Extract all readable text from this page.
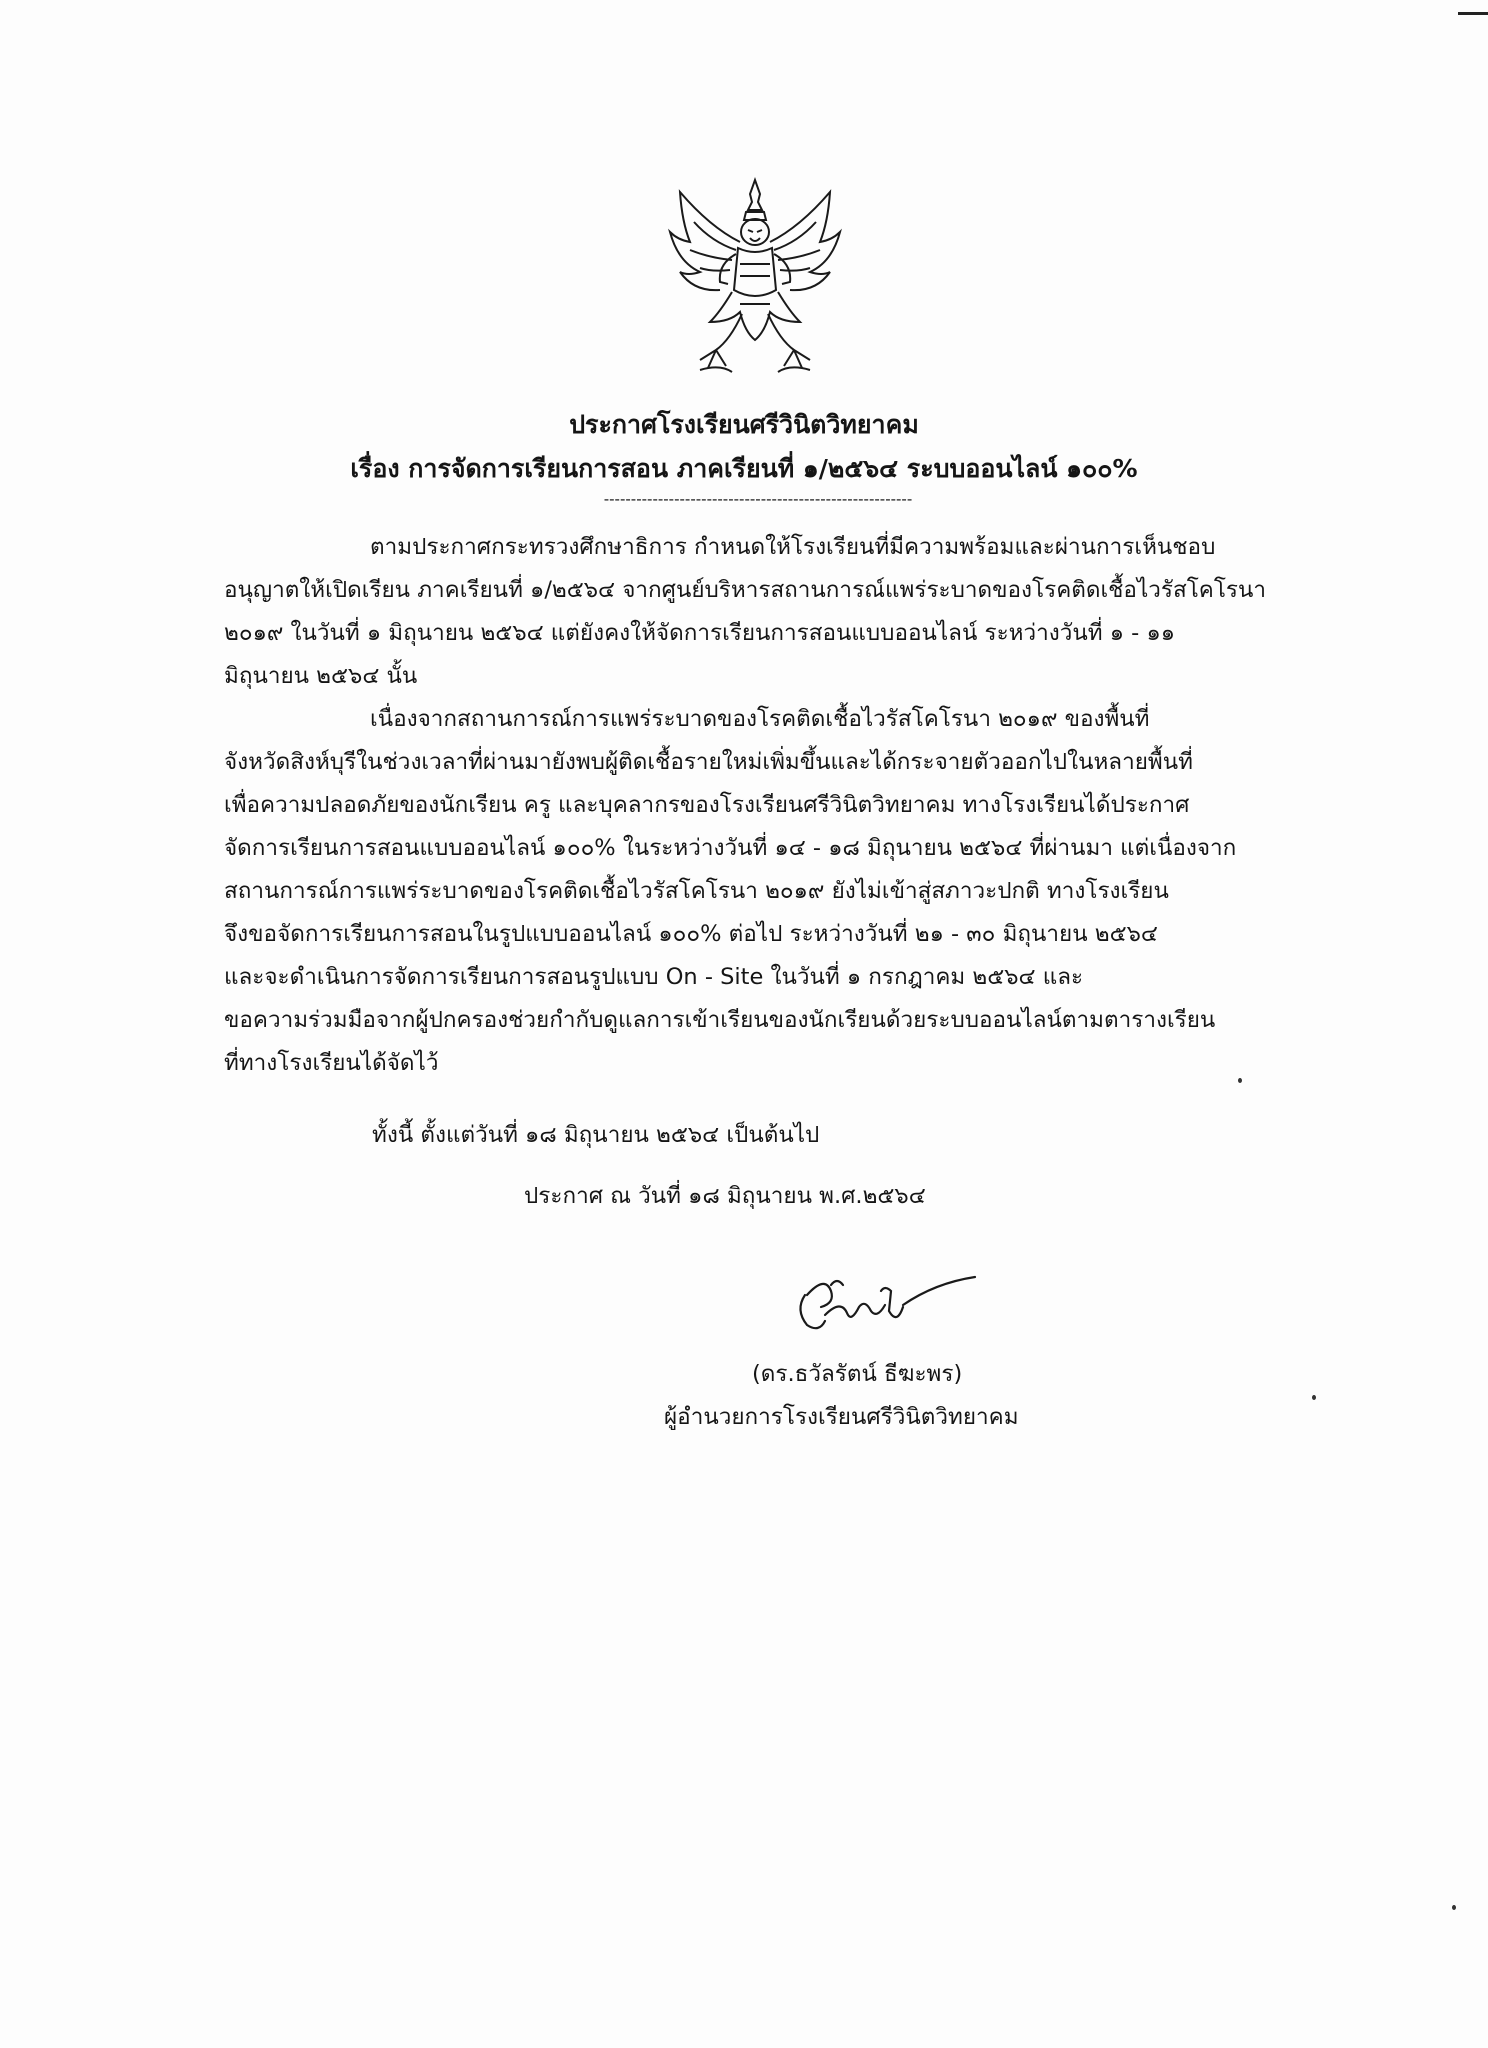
ประกาศโรงเรียนศรีวินิตวิทยาคม
เรื่อง การจัดการเรียนการสอน ภาคเรียนที่ ๑/๒๕๖๔ ระบบออนไลน์ ๑๐๐%
---------------------------------------------------------
ตามประกาศกระทรวงศึกษาธิการ กำหนดให้โรงเรียนที่มีความพร้อมและผ่านการเห็นชอบ
อนุญาตให้เปิดเรียน ภาคเรียนที่ ๑/๒๕๖๔ จากศูนย์บริหารสถานการณ์แพร่ระบาดของโรคติดเชื้อไวรัสโคโรนา
๒๐๑๙ ในวันที่ ๑ มิถุนายน ๒๕๖๔ แต่ยังคงให้จัดการเรียนการสอนแบบออนไลน์ ระหว่างวันที่ ๑ - ๑๑
มิถุนายน ๒๕๖๔ นั้น
เนื่องจากสถานการณ์การแพร่ระบาดของโรคติดเชื้อไวรัสโคโรนา ๒๐๑๙ ของพื้นที่
จังหวัดสิงห์บุรีในช่วงเวลาที่ผ่านมายังพบผู้ติดเชื้อรายใหม่เพิ่มขึ้นและได้กระจายตัวออกไปในหลายพื้นที่
เพื่อความปลอดภัยของนักเรียน ครู และบุคลากรของโรงเรียนศรีวินิตวิทยาคม ทางโรงเรียนได้ประกาศ
จัดการเรียนการสอนแบบออนไลน์ ๑๐๐% ในระหว่างวันที่ ๑๔ - ๑๘ มิถุนายน ๒๕๖๔ ที่ผ่านมา แต่เนื่องจาก
สถานการณ์การแพร่ระบาดของโรคติดเชื้อไวรัสโคโรนา ๒๐๑๙ ยังไม่เข้าสู่สภาวะปกติ ทางโรงเรียน
จึงขอจัดการเรียนการสอนในรูปแบบออนไลน์ ๑๐๐% ต่อไป ระหว่างวันที่ ๒๑ - ๓๐ มิถุนายน ๒๕๖๔
และจะดำเนินการจัดการเรียนการสอนรูปแบบ On - Site ในวันที่ ๑ กรกฎาคม ๒๕๖๔ และ
ขอความร่วมมือจากผู้ปกครองช่วยกำกับดูแลการเข้าเรียนของนักเรียนด้วยระบบออนไลน์ตามตารางเรียน
ที่ทางโรงเรียนได้จัดไว้
ทั้งนี้ ตั้งแต่วันที่ ๑๘ มิถุนายน ๒๕๖๔ เป็นต้นไป
ประกาศ ณ วันที่ ๑๘ มิถุนายน พ.ศ.๒๕๖๔
(ดร.ธวัลรัตน์ ธีฆะพร)
ผู้อำนวยการโรงเรียนศรีวินิตวิทยาคม
